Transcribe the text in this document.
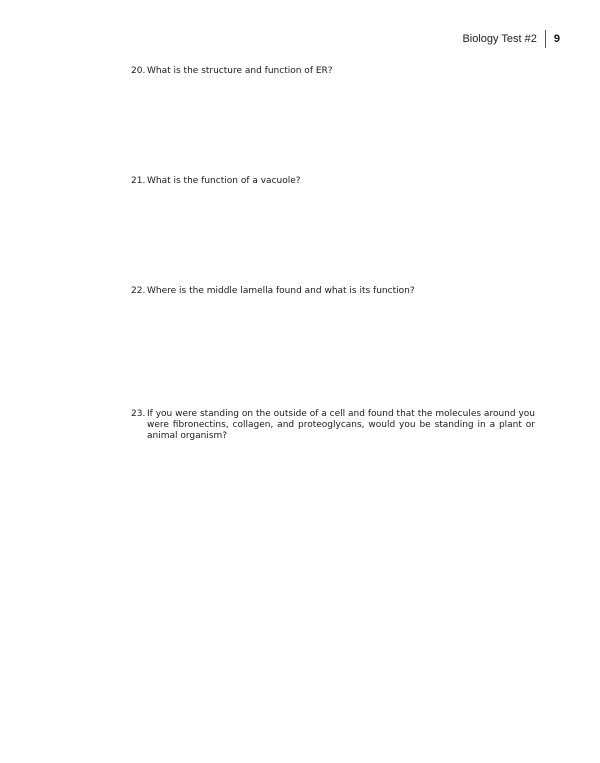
Biology Test #2 9
20. What is the structure and function of ER?
21. What is the function of a vacuole?
22. Where is the middle lamella found and what is its function?
23. If you were standing on the outside of a cell and found that the molecules around you were fibronectins, collagen, and proteoglycans, would you be standing in a plant or animal organism?
